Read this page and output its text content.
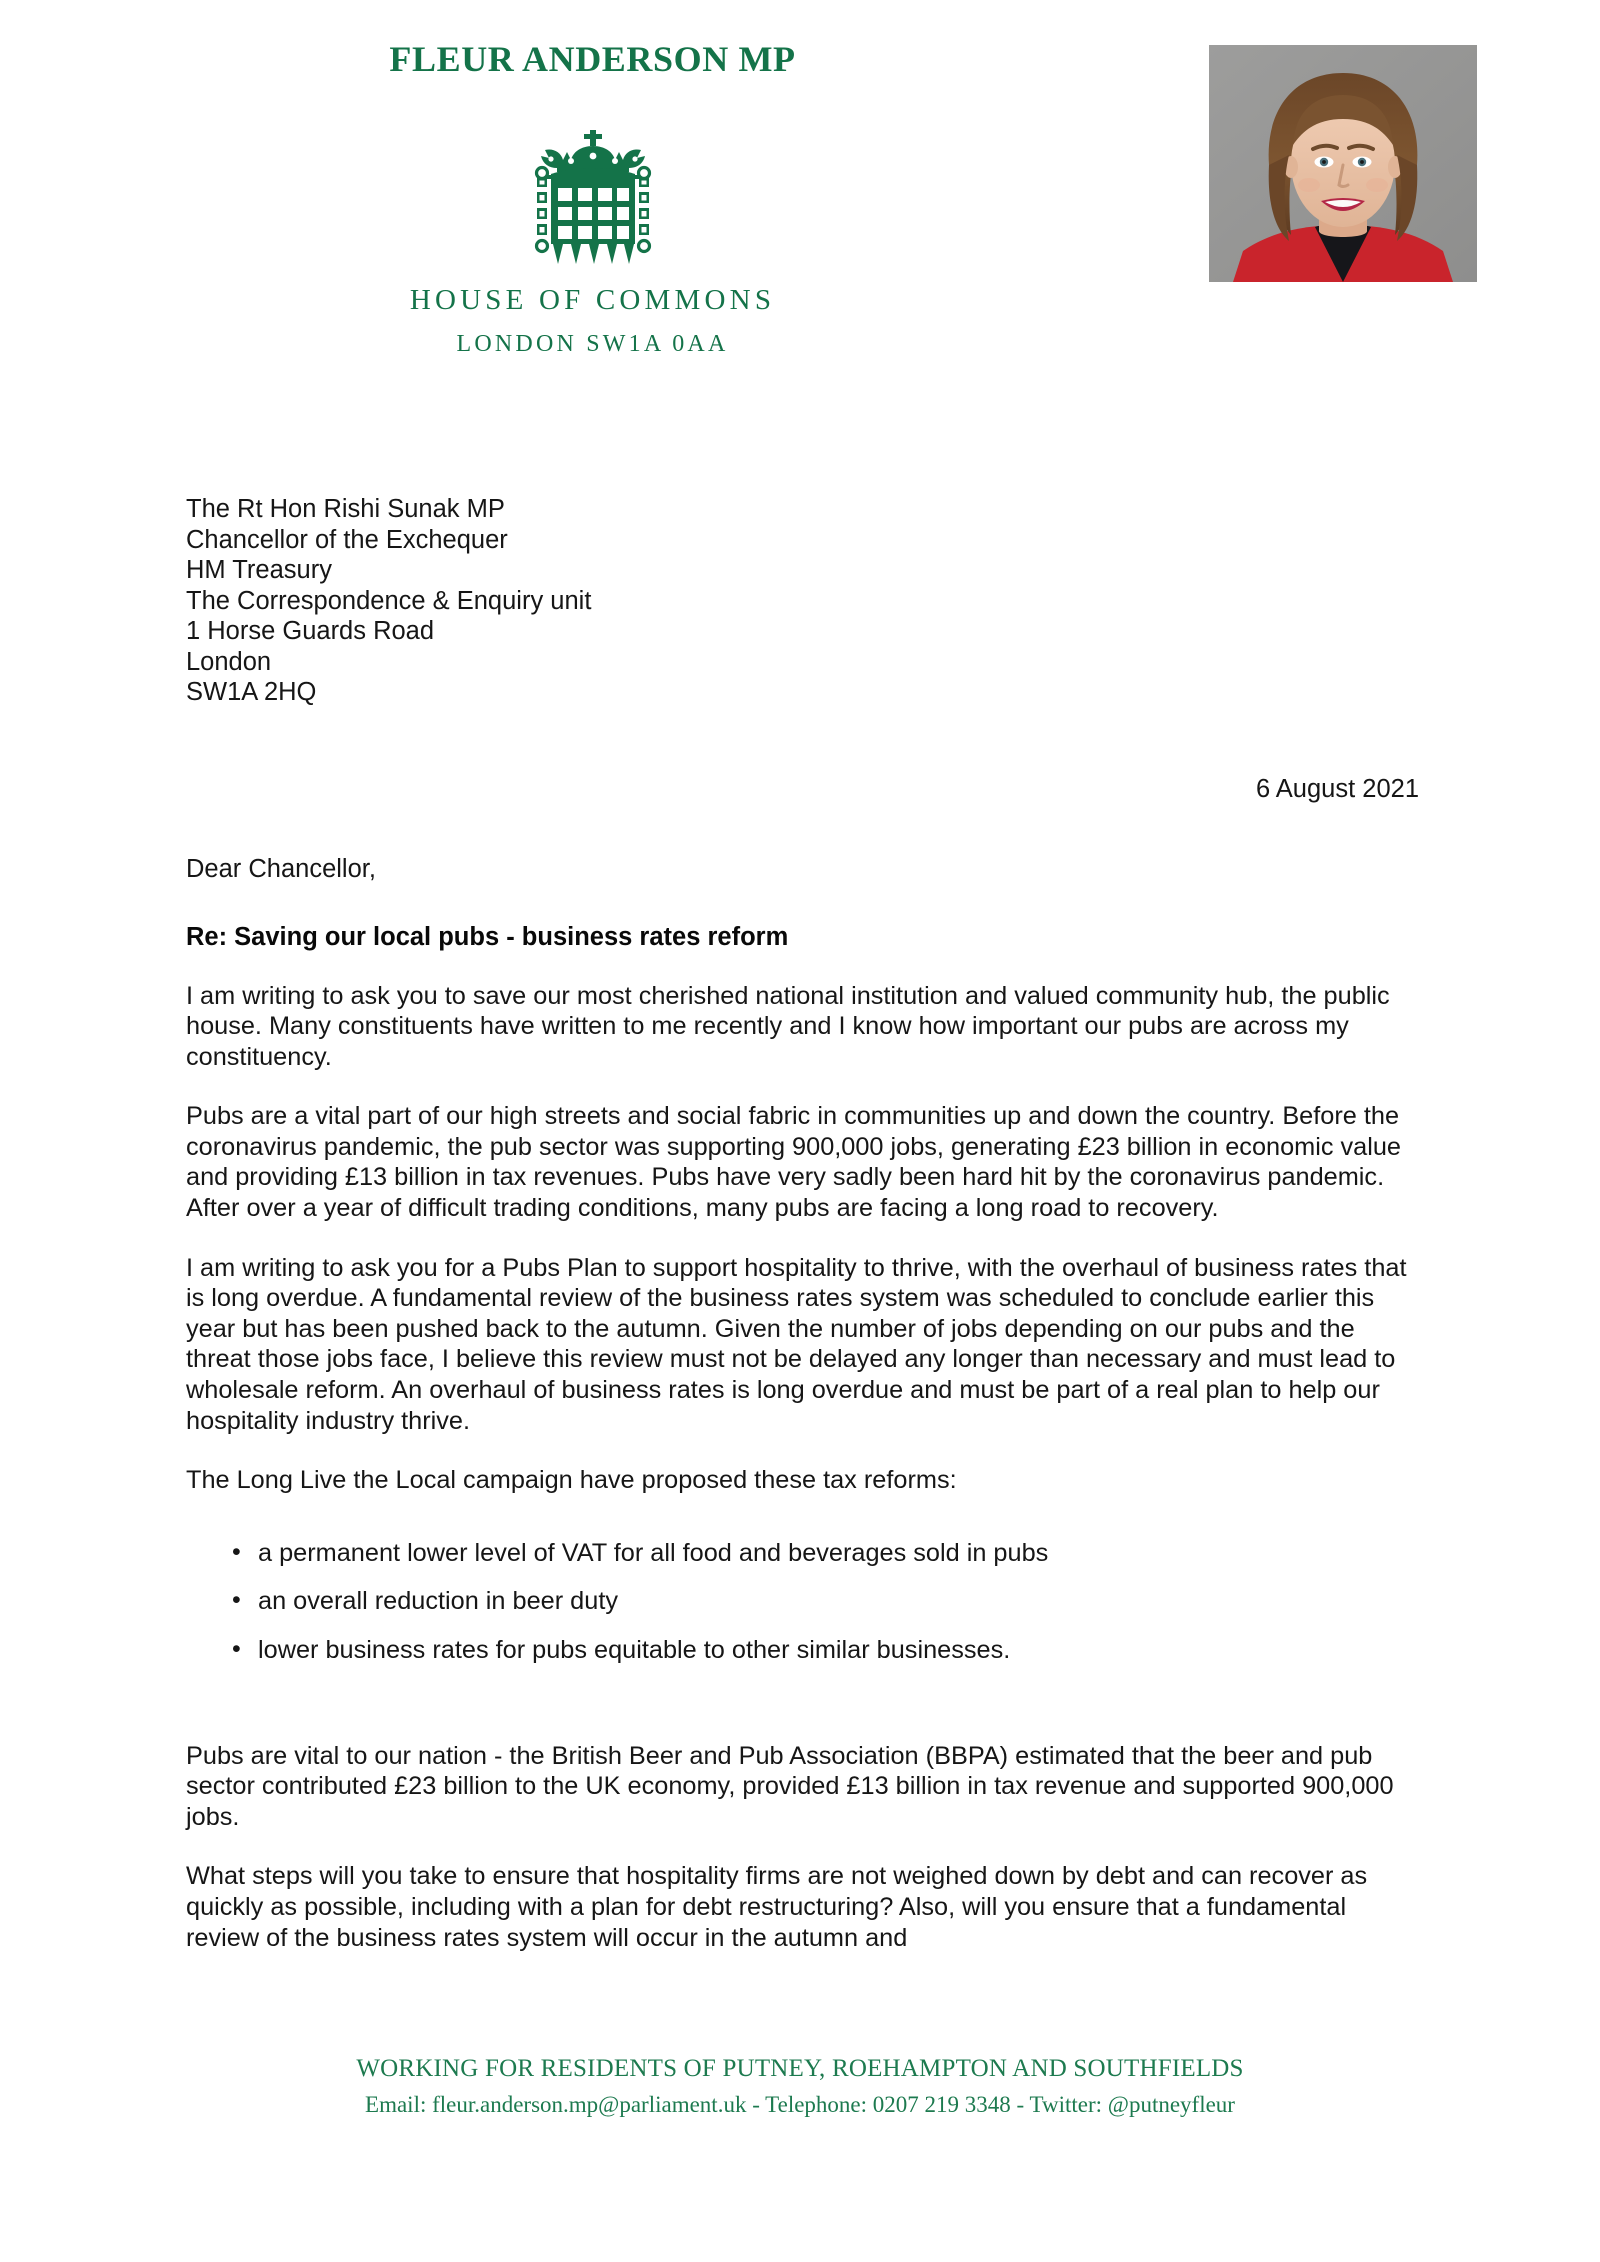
FLEUR ANDERSON MP
HOUSE OF COMMONS
LONDON SW1A 0AA
The Rt Hon Rishi Sunak MP
Chancellor of the Exchequer
HM Treasury
The Correspondence & Enquiry unit
1 Horse Guards Road
London
SW1A 2HQ
6 August 2021
Dear Chancellor,
Re: Saving our local pubs - business rates reform

I am writing to ask you to save our most cherished national institution and valued community hub, the public house. Many constituents have written to me recently and I know how important our pubs are across my constituency.

Pubs are a vital part of our high streets and social fabric in communities up and down the country. Before the coronavirus pandemic, the pub sector was supporting 900,000 jobs, generating £23 billion in economic value and providing £13 billion in tax revenues. Pubs have very sadly been hard hit by the coronavirus pandemic. After over a year of difficult trading conditions, many pubs are facing a long road to recovery.

I am writing to ask you for a Pubs Plan to support hospitality to thrive, with the overhaul of business rates that is long overdue. A fundamental review of the business rates system was scheduled to conclude earlier this year but has been pushed back to the autumn. Given the number of jobs depending on our pubs and the threat those jobs face, I believe this review must not be delayed any longer than necessary and must lead to wholesale reform. An overhaul of business rates is long overdue and must be part of a real plan to help our hospitality industry thrive.

The Long Live the Local campaign have proposed these tax reforms:

• a permanent lower level of VAT for all food and beverages sold in pubs
• an overall reduction in beer duty
• lower business rates for pubs equitable to other similar businesses.

Pubs are vital to our nation - the British Beer and Pub Association (BBPA) estimated that the beer and pub sector contributed £23 billion to the UK economy, provided £13 billion in tax revenue and supported 900,000 jobs.

What steps will you take to ensure that hospitality firms are not weighed down by debt and can recover as quickly as possible, including with a plan for debt restructuring? Also, will you ensure that a fundamental review of the business rates system will occur in the autumn and

WORKING FOR RESIDENTS OF PUTNEY, ROEHAMPTON AND SOUTHFIELDS
Email: fleur.anderson.mp@parliament.uk - Telephone: 0207 219 3348 - Twitter: @putneyfleur
